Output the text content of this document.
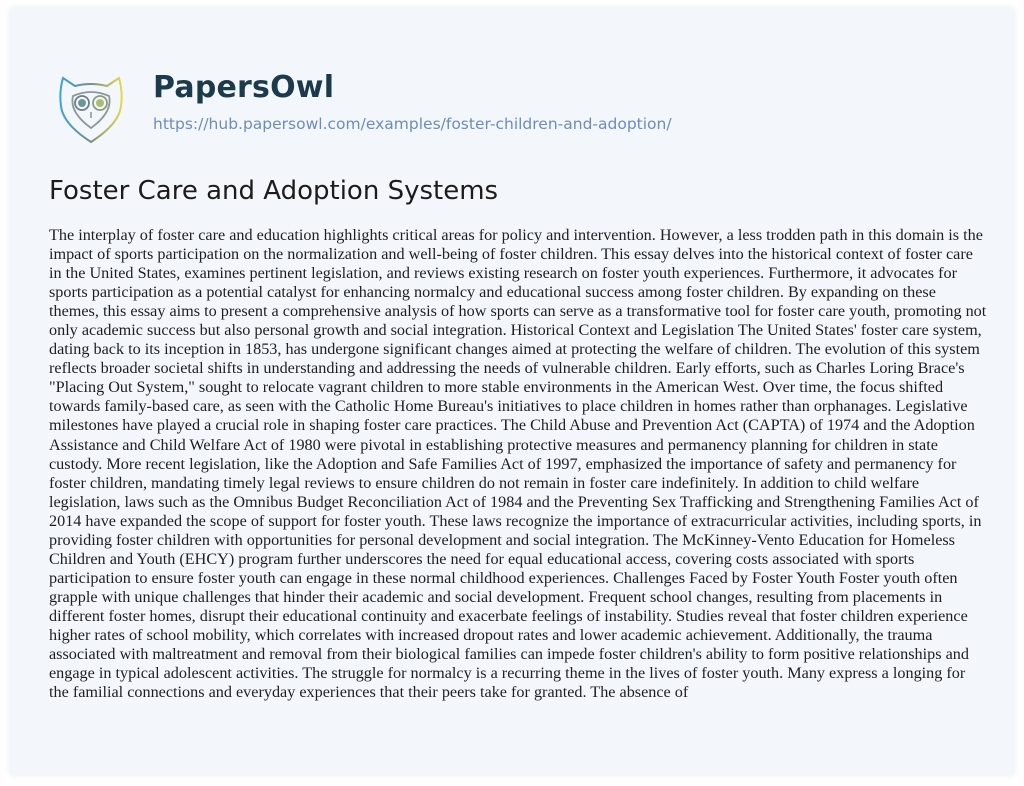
PapersOwl
https://hub.papersowl.com/examples/foster-children-and-adoption/
Foster Care and Adoption Systems
The interplay of foster care and education highlights critical areas for policy and intervention. However, a less trodden path in this domain is the
impact of sports participation on the normalization and well-being of foster children. This essay delves into the historical context of foster care
in the United States, examines pertinent legislation, and reviews existing research on foster youth experiences. Furthermore, it advocates for
sports participation as a potential catalyst for enhancing normalcy and educational success among foster children. By expanding on these
themes, this essay aims to present a comprehensive analysis of how sports can serve as a transformative tool for foster care youth, promoting not
only academic success but also personal growth and social integration. Historical Context and Legislation The United States' foster care system,
dating back to its inception in 1853, has undergone significant changes aimed at protecting the welfare of children. The evolution of this system
reflects broader societal shifts in understanding and addressing the needs of vulnerable children. Early efforts, such as Charles Loring Brace's
"Placing Out System," sought to relocate vagrant children to more stable environments in the American West. Over time, the focus shifted
towards family-based care, as seen with the Catholic Home Bureau's initiatives to place children in homes rather than orphanages. Legislative
milestones have played a crucial role in shaping foster care practices. The Child Abuse and Prevention Act (CAPTA) of 1974 and the Adoption
Assistance and Child Welfare Act of 1980 were pivotal in establishing protective measures and permanency planning for children in state
custody. More recent legislation, like the Adoption and Safe Families Act of 1997, emphasized the importance of safety and permanency for
foster children, mandating timely legal reviews to ensure children do not remain in foster care indefinitely. In addition to child welfare
legislation, laws such as the Omnibus Budget Reconciliation Act of 1984 and the Preventing Sex Trafficking and Strengthening Families Act of
2014 have expanded the scope of support for foster youth. These laws recognize the importance of extracurricular activities, including sports, in
providing foster children with opportunities for personal development and social integration. The McKinney-Vento Education for Homeless
Children and Youth (EHCY) program further underscores the need for equal educational access, covering costs associated with sports
participation to ensure foster youth can engage in these normal childhood experiences. Challenges Faced by Foster Youth Foster youth often
grapple with unique challenges that hinder their academic and social development. Frequent school changes, resulting from placements in
different foster homes, disrupt their educational continuity and exacerbate feelings of instability. Studies reveal that foster children experience
higher rates of school mobility, which correlates with increased dropout rates and lower academic achievement. Additionally, the trauma
associated with maltreatment and removal from their biological families can impede foster children's ability to form positive relationships and
engage in typical adolescent activities. The struggle for normalcy is a recurring theme in the lives of foster youth. Many express a longing for
the familial connections and everyday experiences that their peers take for granted. The absence of
